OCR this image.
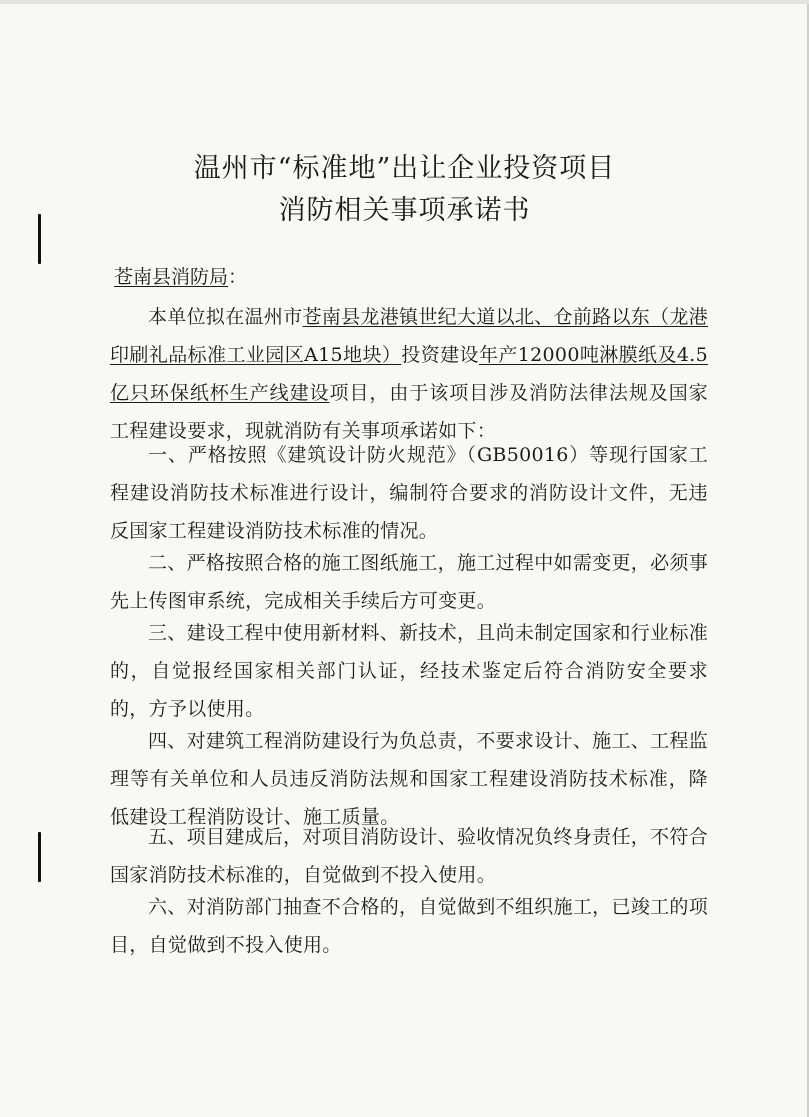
温州市“标准地”出让企业投资项目
消防相关事项承诺书
苍南县消防局：
本单位拟在温州市苍南县龙港镇世纪大道以北、仓前路以东（龙港印刷礼品标准工业园区A15地块）投资建设年产12000吨淋膜纸及4.5亿只环保纸杯生产线建设项目，由于该项目涉及消防法律法规及国家工程建设要求，现就消防有关事项承诺如下：
一、严格按照《建筑设计防火规范》（GB50016）等现行国家工程建设消防技术标准进行设计，编制符合要求的消防设计文件，无违反国家工程建设消防技术标准的情况。
二、严格按照合格的施工图纸施工，施工过程中如需变更，必须事先上传图审系统，完成相关手续后方可变更。
三、建设工程中使用新材料、新技术，且尚未制定国家和行业标准的，自觉报经国家相关部门认证，经技术鉴定后符合消防安全要求的，方予以使用。
四、对建筑工程消防建设行为负总责，不要求设计、施工、工程监理等有关单位和人员违反消防法规和国家工程建设消防技术标准，降低建设工程消防设计、施工质量。
五、项目建成后，对项目消防设计、验收情况负终身责任，不符合国家消防技术标准的，自觉做到不投入使用。
六、对消防部门抽查不合格的，自觉做到不组织施工，已竣工的项目，自觉做到不投入使用。
